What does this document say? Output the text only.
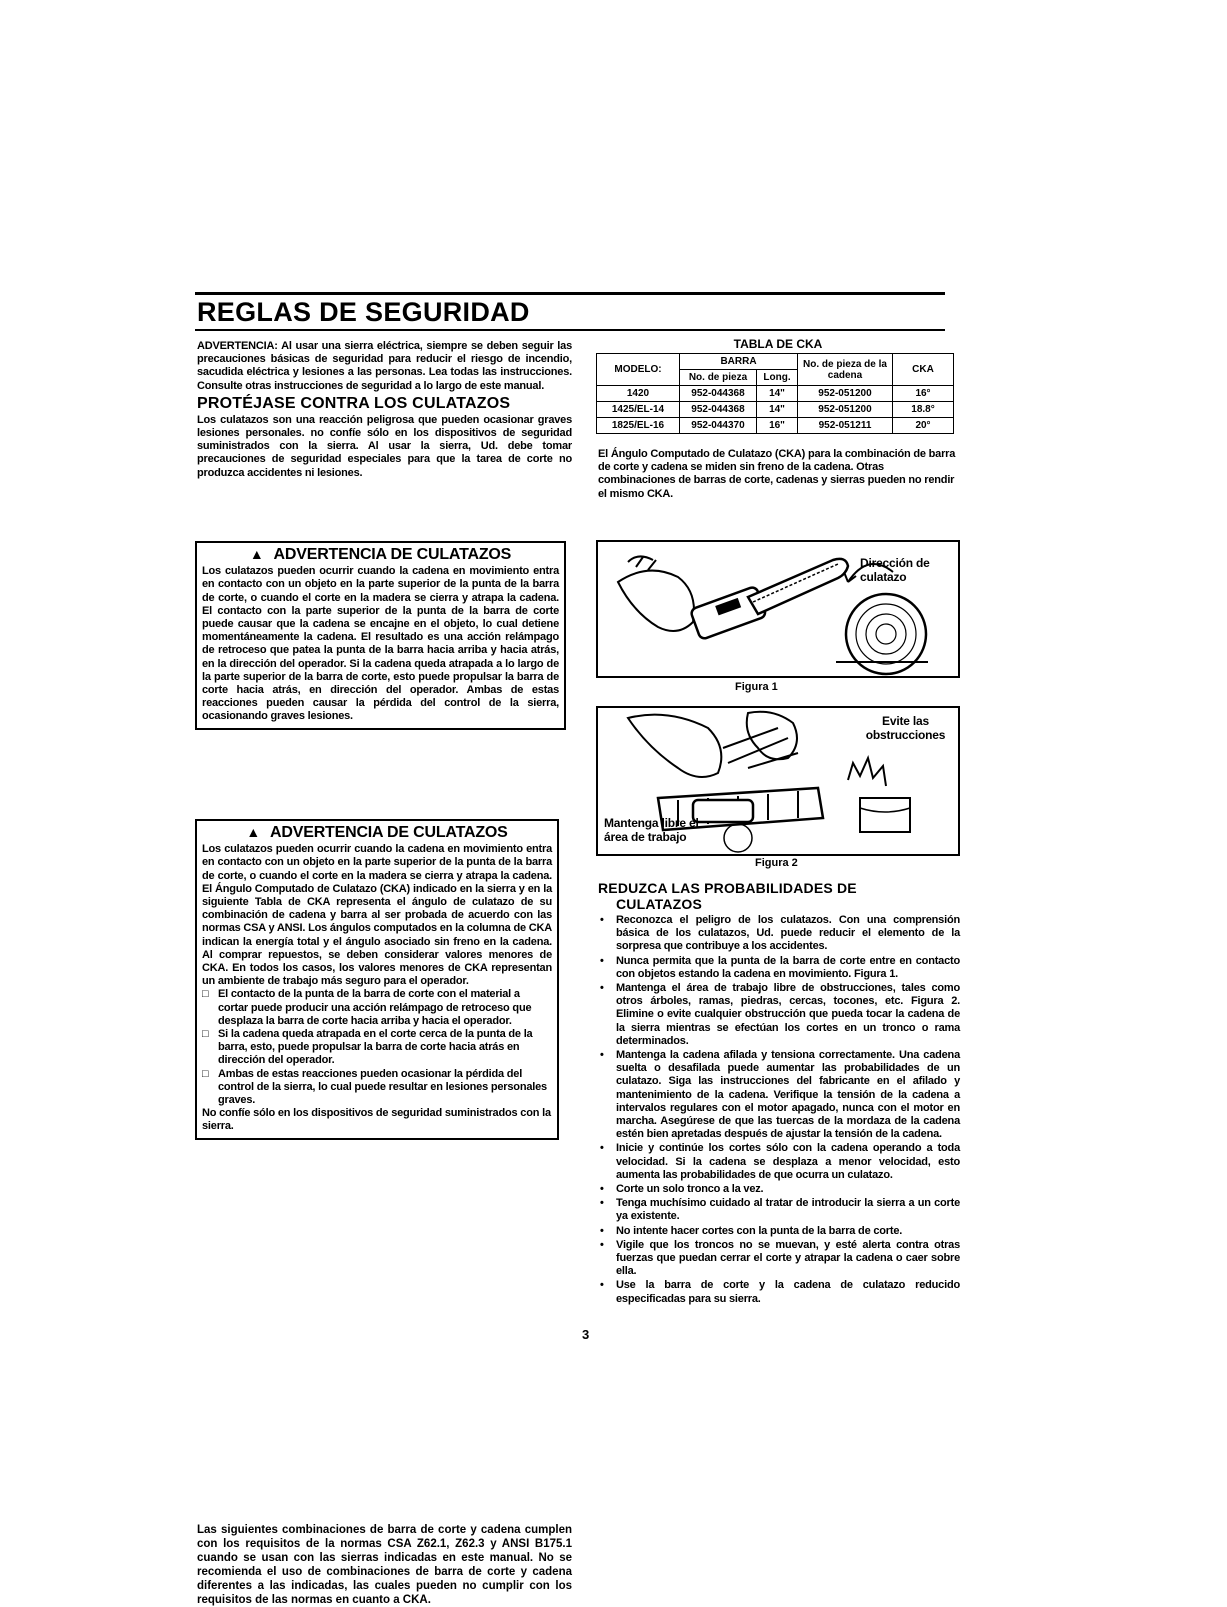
REGLAS DE SEGURIDAD

ADVERTENCIA: Al usar una sierra eléctrica, siempre se deben seguir las precauciones básicas de seguridad para reducir el riesgo de incendio, sacudida eléctrica y lesiones a las personas. Lea todas las instrucciones. Consulte otras instrucciones de seguridad a lo largo de este manual.

PROTÉJASE CONTRA LOS CULATAZOS

Los culatazos son una reacción peligrosa que pueden ocasionar graves lesiones personales. no confíe sólo en los dispositivos de seguridad suministrados con la sierra. Al usar la sierra, Ud. debe tomar precauciones de seguridad especiales para que la tarea de corte no produzca accidentes ni lesiones.

▲ ADVERTENCIA DE CULATAZOS

Los culatazos pueden ocurrir cuando la cadena en movimiento entra en contacto con un objeto en la parte superior de la punta de la barra de corte, o cuando el corte en la madera se cierra y atrapa la cadena. El contacto con la parte superior de la punta de la barra de corte puede causar que la cadena se encajne en el objeto, lo cual detiene momentáneamente la cadena. El resultado es una acción relámpago de retroceso que patea la punta de la barra hacia arriba y hacia atrás, en la dirección del operador. Si la cadena queda atrapada a lo largo de la parte superior de la barra de corte, esto puede propulsar la barra de corte hacia atrás, en dirección del operador. Ambas de estas reacciones pueden causar la pérdida del control de la sierra, ocasionando graves lesiones.

▲ ADVERTENCIA DE CULATAZOS

Los culatazos pueden ocurrir cuando la cadena en movimiento entra en contacto con un objeto en la parte superior de la punta de la barra de corte, o cuando el corte en la madera se cierra y atrapa la cadena. El Ángulo Computado de Culatazo (CKA) indicado en la sierra y en la siguiente Tabla de CKA representa el ángulo de culatazo de su combinación de cadena y barra al ser probada de acuerdo con las normas CSA y ANSI. Los ángulos computados en la columna de CKA indican la energía total y el ángulo asociado sin freno en la cadena. Al comprar repuestos, se deben considerar valores menores de CKA. En todos los casos, los valores menores de CKA representan un ambiente de trabajo más seguro para el operador.

□ El contacto de la punta de la barra de corte con el material a cortar puede producir una acción relámpago de retroceso que desplaza la barra de corte hacia arriba y hacia el operador.
□ Si la cadena queda atrapada en el corte cerca de la punta de la barra, esto, puede propulsar la barra de corte hacia atrás en dirección del operador.
□ Ambas de estas reacciones pueden ocasionar la pérdida del control de la sierra, lo cual puede resultar en lesiones personales graves.

No confíe sólo en los dispositivos de seguridad suministrados con la sierra.

Las siguientes combinaciones de barra de corte y cadena cumplen con los requisitos de la normas CSA Z62.1, Z62.3 y ANSI B175.1 cuando se usan con las sierras indicadas en este manual. No se recomienda el uso de combinaciones de barra de corte y cadena diferentes a las indicadas, las cuales pueden no cumplir con los requisitos de las normas en cuanto a CKA.

TABLA DE CKA
MODELO:	BARRA		No. de pieza de la cadena	CKA
	No. de pieza	Long.		
1420	952-044368	14"	952-051200	16°
1425/EL-14	952-044368	14"	952-051200	18.8°
1825/EL-16	952-044370	16"	952-051211	20°

El Ángulo Computado de Culatazo (CKA) para la combinación de barra de corte y cadena se miden sin freno de la cadena. Otras combinaciones de barras de corte, cadenas y sierras pueden no rendir el mismo CKA.

Dirección de culatazo
Figura 1
Evite las obstrucciones
Mantenga libre el área de trabajo
Figura 2
REDUZCA LAS PROBABILIDADES DE
CULATAZOS
• Reconozca el peligro de los culatazos. Con una comprensión básica de los culatazos, Ud. puede reducir el elemento de la sorpresa que contribuye a los accidentes.
• Nunca permita que la punta de la barra de corte entre en contacto con objetos estando la cadena en movimiento. Figura 1.
• Mantenga el área de trabajo libre de obstrucciones, tales como otros árboles, ramas, piedras, cercas, tocones, etc. Figura 2. Elimine o evite cualquier obstrucción que pueda tocar la cadena de la sierra mientras se efectúan los cortes en un tronco o rama determinados.
• Mantenga la cadena afilada y tensiona correctamente. Una cadena suelta o desafilada puede aumentar las probabilidades de un culatazo. Siga las instrucciones del fabricante en el afilado y mantenimiento de la cadena. Verifique la tensión de la cadena a intervalos regulares con el motor apagado, nunca con el motor en marcha. Asegúrese de que las tuercas de la mordaza de la cadena estén bien apretadas después de ajustar la tensión de la cadena.
• Inicie y continúe los cortes sólo con la cadena operando a toda velocidad. Si la cadena se desplaza a menor velocidad, esto aumenta las probabilidades de que ocurra un culatazo.
• Corte un solo tronco a la vez.
• Tenga muchísimo cuidado al tratar de introducir la sierra a un corte ya existente.
• No intente hacer cortes con la punta de la barra de corte.
• Vigile que los troncos no se muevan, y esté alerta contra otras fuerzas que puedan cerrar el corte y atrapar la cadena o caer sobre ella.
• Use la barra de corte y la cadena de culatazo reducido especificadas para su sierra.
3
